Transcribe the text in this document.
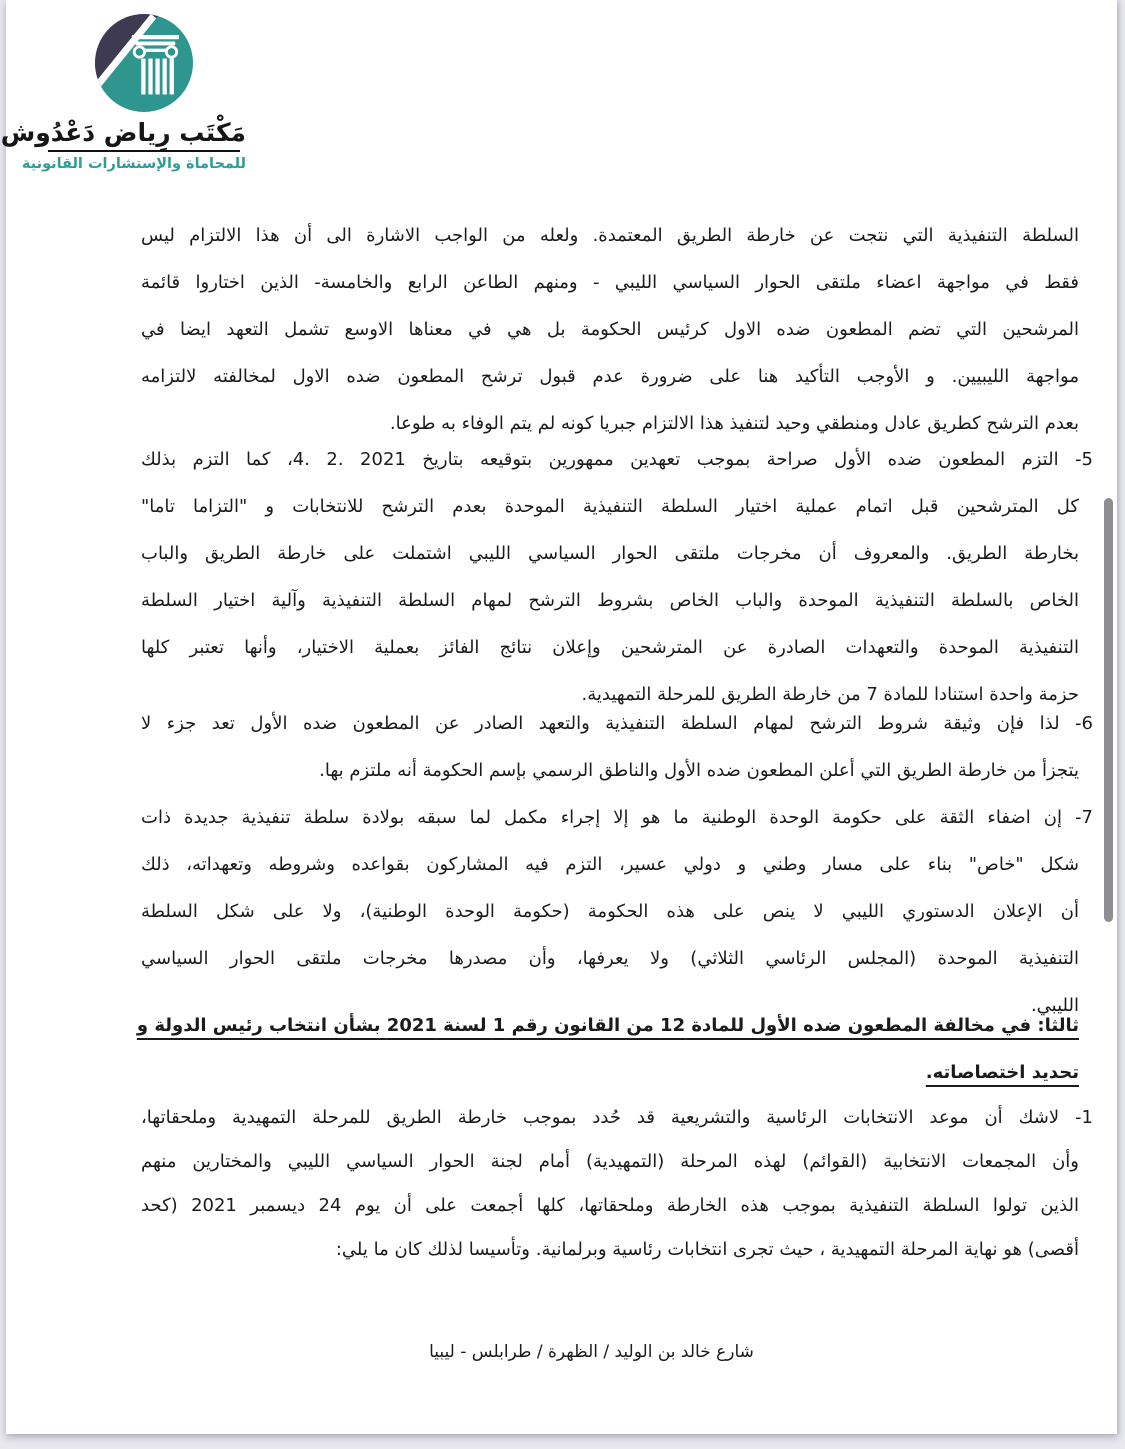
مَكْتَب رِياض دَعْدُوش
للمحاماة والإستشارات القانونية
السلطة التنفيذية التي نتجت عن خارطة الطريق المعتمدة. ولعله من الواجب الاشارة الى أن هذا الالتزام ليس
فقط في مواجهة اعضاء ملتقى الحوار السياسي الليبي - ومنهم الطاعن الرابع والخامسة- الذين اختاروا قائمة
المرشحين التي تضم المطعون ضده الاول كرئيس الحكومة بل هي في معناها الاوسع تشمل التعهد ايضا في
مواجهة الليبيين. و الأوجب التأكيد هنا على ضرورة عدم قبول ترشح المطعون ضده الاول لمخالفته لالتزامه
بعدم الترشح كطريق عادل ومنطقي وحيد لتنفيذ هذا الالتزام جبريا كونه لم يتم الوفاء به طوعا.
5- التزم المطعون ضده الأول صراحة بموجب تعهدين ممهورين بتوقيعه بتاريخ ‪4. 2. 2021‬، كما التزم بذلك
كل المترشحين قبل اتمام عملية اختيار السلطة التنفيذية الموحدة بعدم الترشح للانتخابات و "التزاما تاما"
بخارطة الطريق. والمعروف أن مخرجات ملتقى الحوار السياسي الليبي اشتملت على خارطة الطريق والباب
الخاص بالسلطة التنفيذية الموحدة والباب الخاص بشروط الترشح لمهام السلطة التنفيذية وآلية اختيار السلطة
التنفيذية الموحدة والتعهدات الصادرة عن المترشحين وإعلان نتائج الفائز بعملية الاختيار، وأنها تعتبر كلها
حزمة واحدة استنادا للمادة 7 من خارطة الطريق للمرحلة التمهيدية.
6- لذا فإن وثيقة شروط الترشح لمهام السلطة التنفيذية والتعهد الصادر عن المطعون ضده الأول تعد جزء لا
يتجزأ من خارطة الطريق التي أعلن المطعون ضده الأول والناطق الرسمي بإسم الحكومة أنه ملتزم بها.
7- إن اضفاء الثقة على حكومة الوحدة الوطنية ما هو إلا إجراء مكمل لما سبقه بولادة سلطة تنفيذية جديدة ذات
شكل "خاص" بناء على مسار وطني و دولي عسير، التزم فيه المشاركون بقواعده وشروطه وتعهداته، ذلك
أن الإعلان الدستوري الليبي لا ينص على هذه الحكومة (حكومة الوحدة الوطنية)، ولا على شكل السلطة
التنفيذية الموحدة (المجلس الرئاسي الثلاثي) ولا يعرفها، وأن مصدرها مخرجات ملتقى الحوار السياسي
الليبي.
ثالثا: في مخالفة المطعون ضده الأول للمادة 12 من القانون رقم 1 لسنة 2021 بشأن انتخاب رئيس الدولة و
تحديد اختصاصاته.
1- لاشك أن موعد الانتخابات الرئاسية والتشريعية قد حُدد بموجب خارطة الطريق للمرحلة التمهيدية وملحقاتها،
وأن المجمعات الانتخابية (القوائم) لهذه المرحلة (التمهيدية) أمام لجنة الحوار السياسي الليبي والمختارين منهم
الذين تولوا السلطة التنفيذية بموجب هذه الخارطة وملحقاتها، كلها أجمعت على أن يوم 24 ديسمبر 2021 (كحد
أقصى) هو نهاية المرحلة التمهيدية ، حيث تجرى انتخابات رئاسية وبرلمانية. وتأسيسا لذلك كان ما يلي:
شارع خالد بن الوليد / الظهرة / طرابلس - ليبيا
